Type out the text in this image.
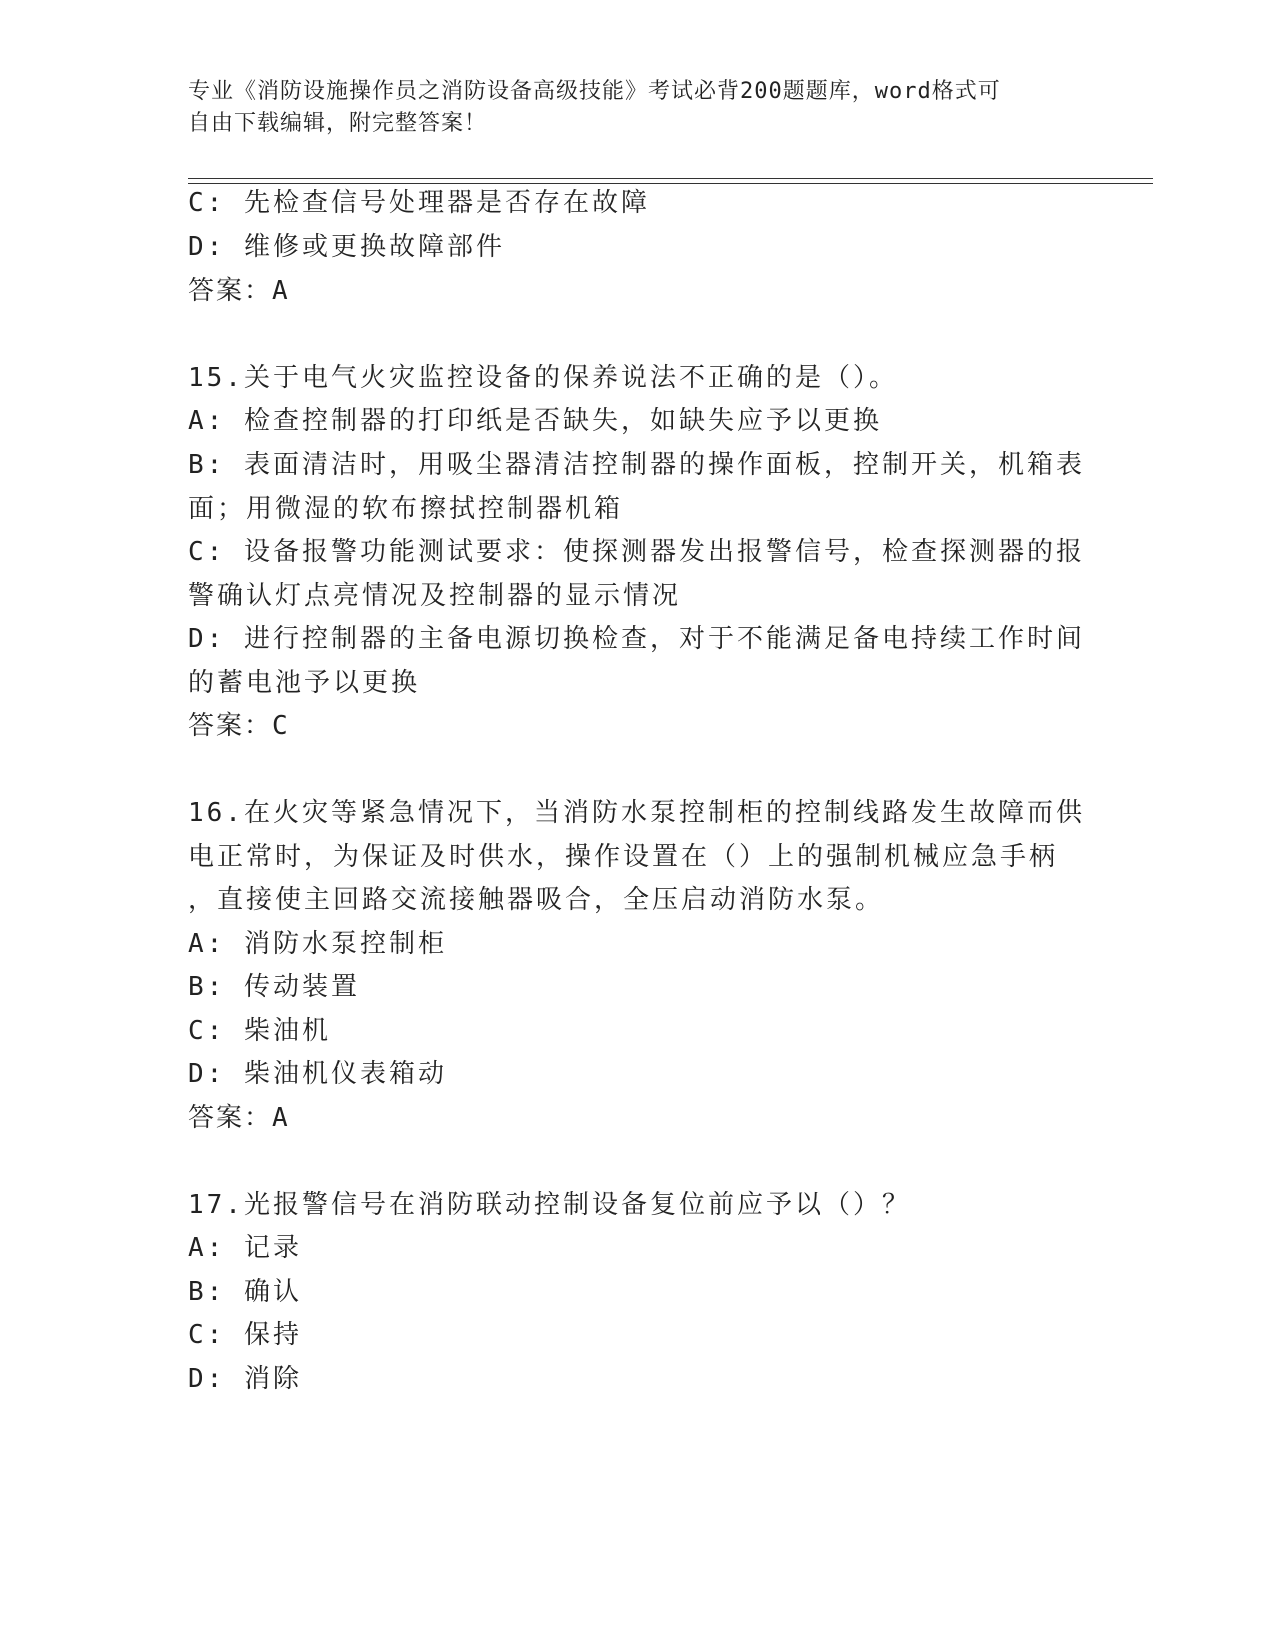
专业《消防设施操作员之消防设备高级技能》考试必背200题题库，word格式可
自由下载编辑，附完整答案！
C: 先检查信号处理器是否存在故障
D: 维修或更换故障部件
答案：A
15.关于电气火灾监控设备的保养说法不正确的是（）。
A: 检查控制器的打印纸是否缺失，如缺失应予以更换
B: 表面清洁时，用吸尘器清洁控制器的操作面板，控制开关，机箱表
面；用微湿的软布擦拭控制器机箱
C: 设备报警功能测试要求：使探测器发出报警信号，检查探测器的报
警确认灯点亮情况及控制器的显示情况
D: 进行控制器的主备电源切换检查，对于不能满足备电持续工作时间
的蓄电池予以更换
答案：C
16.在火灾等紧急情况下，当消防水泵控制柜的控制线路发生故障而供
电正常时，为保证及时供水，操作设置在（）上的强制机械应急手柄
，直接使主回路交流接触器吸合，全压启动消防水泵。
A: 消防水泵控制柜
B: 传动装置
C: 柴油机
D: 柴油机仪表箱动
答案：A
17.光报警信号在消防联动控制设备复位前应予以（）？
A: 记录
B: 确认
C: 保持
D: 消除
